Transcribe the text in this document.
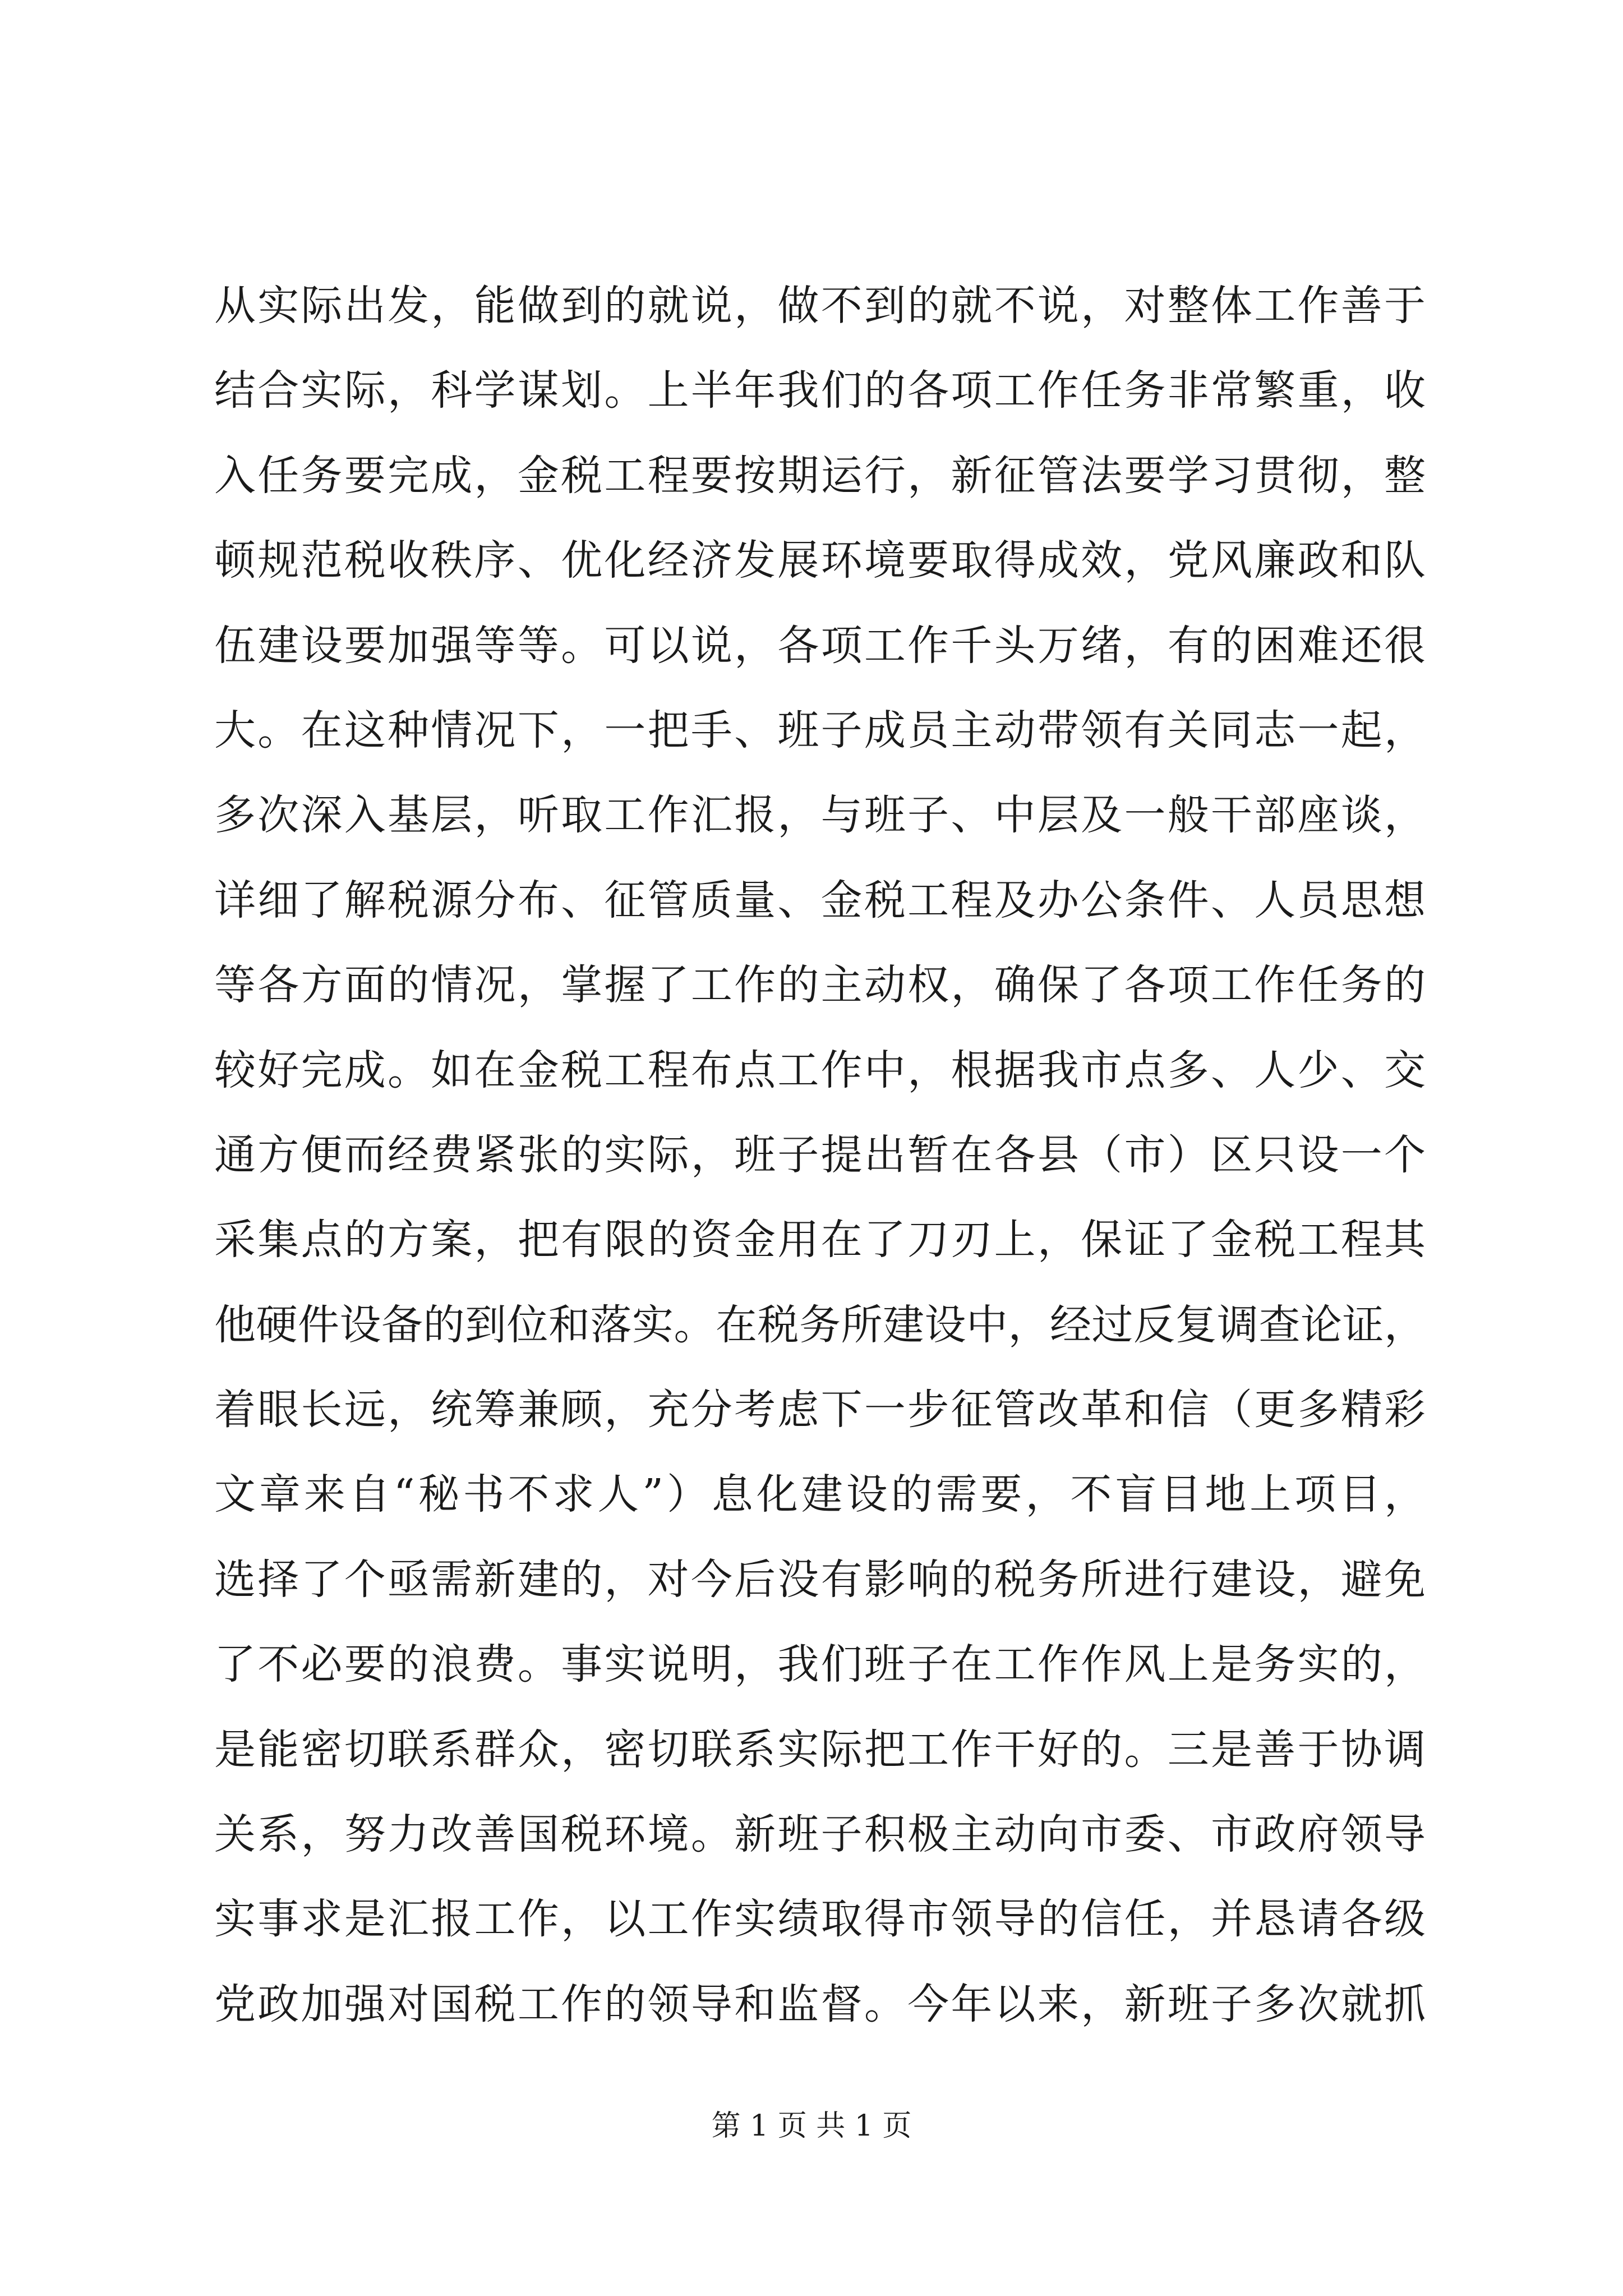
从实际出发，能做到的就说，做不到的就不说，对整体工作善于
结合实际，科学谋划。上半年我们的各项工作任务非常繁重，收
入任务要完成，金税工程要按期运行，新征管法要学习贯彻，整
顿规范税收秩序、优化经济发展环境要取得成效，党风廉政和队
伍建设要加强等等。可以说，各项工作千头万绪，有的困难还很
大。在这种情况下，一把手、班子成员主动带领有关同志一起，
多次深入基层，听取工作汇报，与班子、中层及一般干部座谈，
详细了解税源分布、征管质量、金税工程及办公条件、人员思想
等各方面的情况，掌握了工作的主动权，确保了各项工作任务的
较好完成。如在金税工程布点工作中，根据我市点多、人少、交
通方便而经费紧张的实际，班子提出暂在各县（市）区只设一个
采集点的方案，把有限的资金用在了刀刃上，保证了金税工程其
他硬件设备的到位和落实。在税务所建设中，经过反复调查论证，
着眼长远，统筹兼顾，充分考虑下一步征管改革和信（更多精彩
文章来自“秘书不求人”）息化建设的需要，不盲目地上项目，
选择了个亟需新建的，对今后没有影响的税务所进行建设，避免
了不必要的浪费。事实说明，我们班子在工作作风上是务实的，
是能密切联系群众，密切联系实际把工作干好的。三是善于协调
关系，努力改善国税环境。新班子积极主动向市委、市政府领导
实事求是汇报工作，以工作实绩取得市领导的信任，并恳请各级
党政加强对国税工作的领导和监督。今年以来，新班子多次就抓
第 1 页 共 1 页
